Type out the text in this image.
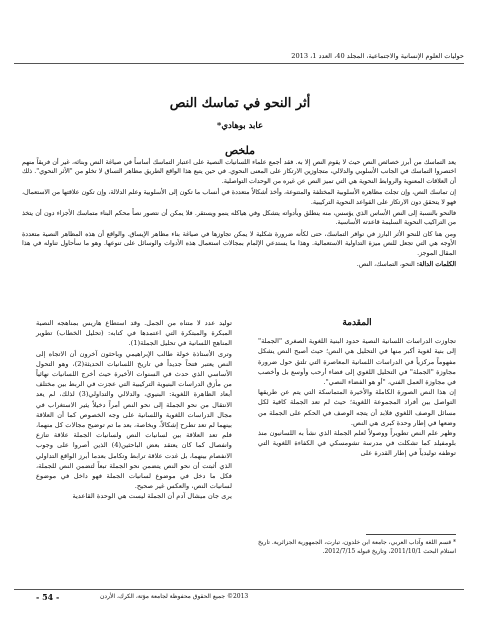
حوليات العلوم الإنسانية والاجتماعية، المجلد 40، العدد 1، 2013
أثر النحو في تماسك النص
عابد بوهادي*
ملخص

يعد التماسك من أبرز خصائص النص حيث لا يقوم النص إلا به. فقد أجمع علماء اللسانيات النصية على اعتبار التماسك أساساً في صياغة النص وبنائه، غير أن فريقاً منهم اختصروا التماسك في الجانب الأسلوبي والدلالي، متجاوزين الارتكاز على المعنى النحوي. في حين يتبع هذا الواقع الطريق مظاهر التساق لا تخلو من "الأثر النحوي". ذلك أن العلاقات المعنوية والروابط النحوية هي التي تميز النص عن غيره من الوحدات التواصلية.

إن تماسك النص، وإن تجلت مظاهره الأسلوبية المختلفة والمتنوعة، وأخذ أشكالاً متعددة في أنساب ما تكون إلى الأسلوبية وعلم الدلالة، وإن تكون علاقتها من الاستعمال، فهو لا يتحقق دون الارتكاز على القواعد النحوية التركيبية.

فالنحو بالنسبة إلى النص الأساس الذي يؤسس، منه ينطلق وبأدواته يتشكل وفي هياكله ينمو ويستقر. فلا يمكن أن نتصور نصاً محكم البناء متماسك الأجزاء دون أن يتخذ من التراكيب النحوية السليمة قاعدته الأساسية.

ومن هنا كان للنحو الأثر البارز في توافر التماسك، حتى لكأنه ضرورة شكلية لا يمكن تجاوزها في صياغة بناء مظاهر الإيساق. والواقع أن هذه المظاهر النصية متعددة الأوجه هي التي تجعل للنص ميزة التداولية الاستعمالية. وهذا ما يستدعي الإلمام بمجالات استعمال هذه الأدوات والوسائل على تنوعها. وهو ما سأحاول تناوله في هذا المقال الموجز.

الكلمات الدالة: النحو، التماسك، النص.

المقدمة

تجاوزت الدراسات اللسانية النصية حدود البنية اللغوية الصغرى "الجملة" إلى بنية لغوية أكبر منها في التحليل هي النص؛ حيث أصبح النص يشكل مفهوماً مركزياً في الدراسات اللسانية المعاصرة التي تلتق حول ضرورة مجاوزة "الجملة" في التحليل اللغوي إلى فضاء أرحب وأوسع بل وأخصب في مجاوزة العمل الفني، "أو هو الفضاء النصي".

إن هذا النص الصورة الكاملة والأخيرة المتماسكة التي يتم عن طريقها التواصل بين أفراد المجموعة اللغوية؛ حيث لم تعد الجملة كافية لكل مسائل الوصف اللغوي فلابد أن يتجه الوصف في الحكم على الجملة من وضعها في إطار وحدة كبرى هي النص.

وظهر علم النص تطويراً ووصولاً لعلم الجملة الذي نشأ به اللسانيون منذ بلومفيلد كما تشكلت في مدرسة تشومسكي في الكفاءة اللغوية التي توظفه توليدياً في إطار القدرة على

توليد عدد لا متناه من الجمل. وقد استطاع هاريس بمناهجه النصية المبكرة والمبتكرة التي اعتمدها في كتابه: (تحليل الخطاب) تطوير المناهج اللسانية في تحليل الجملة(1).

وترى الأستاذة خولة طالب الإبراهيمي وباحثون آخرون أن الاتجاه إلى النص يعتبر فتحاً جديداً في تاريخ اللسانيات الحديثة(2)، وهو التحول الأساسي الذي حدث في السنوات الأخيرة حيث أخرج اللسانيات نهائياً من مأزق الدراسات البنيوية التركيبية التي عجزت في الربط بين مختلف أبعاد الظاهرة اللغوية: البنيوي، والدلالي والتداولي(3) لذلك، لم يعد الانتقال من نحو الجملة إلى نحو النص أمراً دخيلاً يثير الاستغراب في مجال الدراسات اللغوية واللسانية على وجه الخصوص كما أن العلاقة بينهما لم تعد تطرح إشكالاً، وبخاصة، بعد ما تم توضيح مجالات كل منهما، فلم تعد العلاقة بين لسانيات النص ولسانيات الجملة علاقة تنازع وانفصال كما كان يعتقد بعض الباحثين(4) الذين أصروا على وجوب الانفصام بينهما، بل غدت علاقة ترابط وتكامل بعدما أبرز الواقع التداولي الذي أثبتت أن نحو النص يتضمن نحو الجملة تبعاً لتضمن النص للجملة، فكل ما دخل في موضوع لسانيات الجملة فهو داخل في موضوع لسانيات النص، والعكس غير صحيح.

يرى جان ميشال آدم أن الجملة ليست هي الوحدة القاعدية

* قسم اللغة وآداب العربي، جامعة ابن خلدون، تيارت، الجمهورية الجزائرية. تاريخ استلام البحث 2011/10/1، وتاريخ قبوله 2012/7/15.
2013© جميع الحقوق محفوظة لجامعة مؤتة، الكرك، الأردن
- 54 -
